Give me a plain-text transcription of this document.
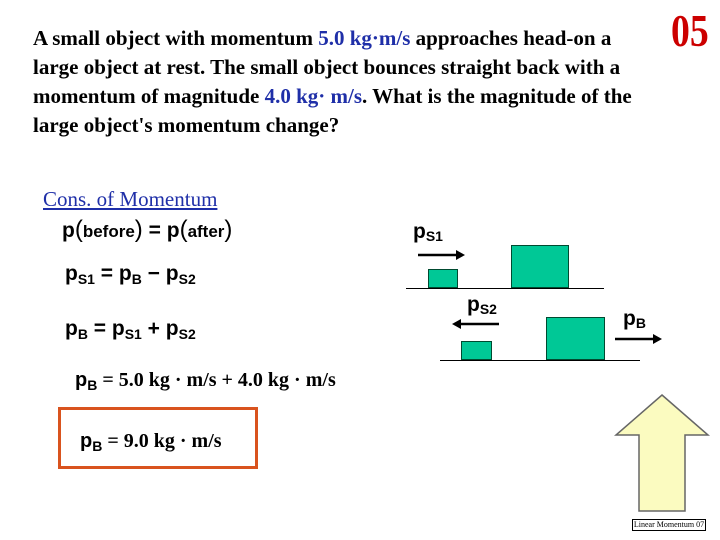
A small object with momentum 5.0 kg·m/s approaches head-on a large object at rest. The small object bounces straight back with a momentum of magnitude 4.0 kg· m/s. What is the magnitude of the large object's momentum change?
05
Cons. of Momentum
p(before) = p(after)
$p_{S1} = p_B - p_{S2}$
$p_B = p_{S1} + p_{S2}$
$p_B = 5.0$ kg · m/s + 4.0 kg · m/s
$p_B = 9.0$ kg · m/s
$p_{S1}$
$p_{S2}$	$p_B$
Linear Momentum 07
